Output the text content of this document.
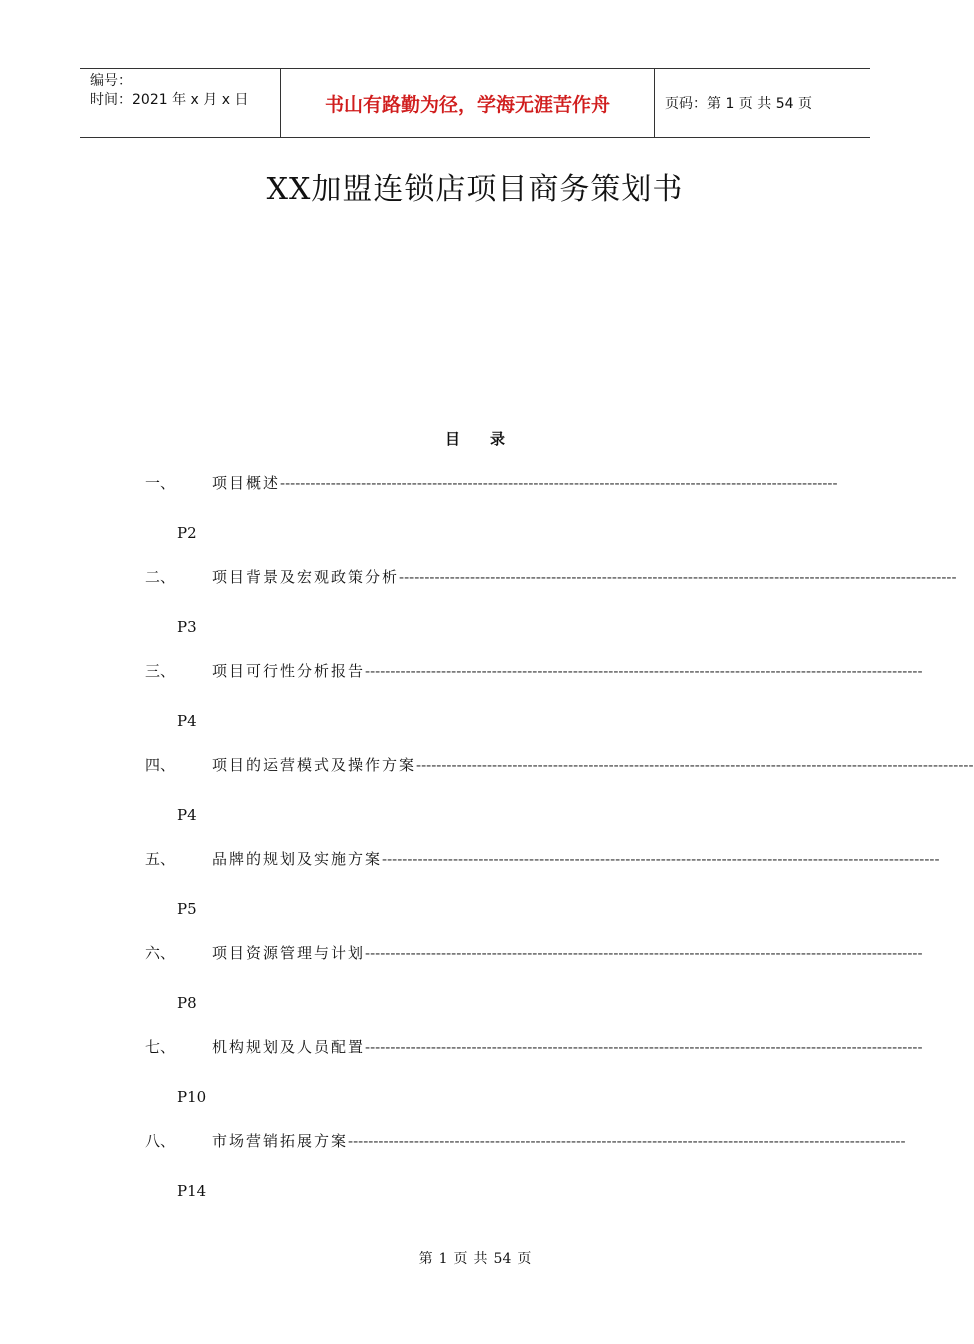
编号：
时间：2021 年 x 月 x 日	书山有路勤为径，学海无涯苦作舟	页码：第 1 页 共 54 页
XX加盟连锁店项目商务策划书
目 录
一、	项目概述 --------------------------------------------------------------------------------------------------------------
P2
二、	项目背景及宏观政策分析 --------------------------------------------------------------------------------------------------------------
P3
三、	项目可行性分析报告 --------------------------------------------------------------------------------------------------------------
P4
四、	项目的运营模式及操作方案 --------------------------------------------------------------------------------------------------------------
P4
五、	品牌的规划及实施方案 --------------------------------------------------------------------------------------------------------------
P5
六、	项目资源管理与计划 --------------------------------------------------------------------------------------------------------------
P8
七、	机构规划及人员配置 --------------------------------------------------------------------------------------------------------------
P10
八、	市场营销拓展方案 --------------------------------------------------------------------------------------------------------------
P14
第 1 页 共 54 页
